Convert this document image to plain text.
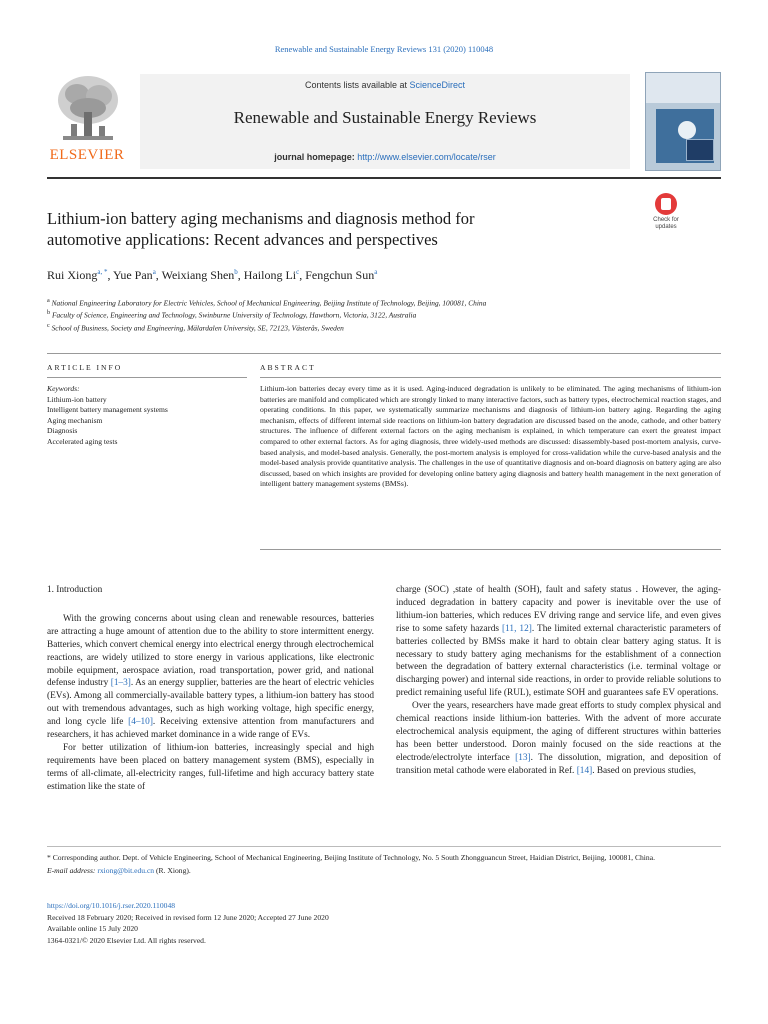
Renewable and Sustainable Energy Reviews 131 (2020) 110048
ELSEVIER
Contents lists available at ScienceDirect
Renewable and Sustainable Energy Reviews
journal homepage: http://www.elsevier.com/locate/rser
Lithium-ion battery aging mechanisms and diagnosis method for
automotive applications: Recent advances and perspectives
Check for updates
Rui Xiong$^{a, *}$, Yue Pan$^a$, Weixiang Shen$^b$, Hailong Li$^c$, Fengchun Sun$^a$
$^a$ National Engineering Laboratory for Electric Vehicles, School of Mechanical Engineering, Beijing Institute of Technology, Beijing, 100081, China
$^b$ Faculty of Science, Engineering and Technology, Swinburne University of Technology, Hawthorn, Victoria, 3122, Australia
$^c$ School of Business, Society and Engineering, Mälardalen University, SE, 72123, Västerås, Sweden
ARTICLE INFO	ABSTRACT
Keywords:
Lithium-ion battery
Intelligent battery management systems
Aging mechanism
Diagnosis
Accelerated aging tests
Lithium-ion batteries decay every time as it is used. Aging-induced degradation is unlikely to be eliminated. The aging mechanisms of lithium-ion batteries are manifold and complicated which are strongly linked to many interactive factors, such as battery types, electrochemical reaction stages, and operating conditions. In this paper, we systematically summarize mechanisms and diagnosis of lithium-ion battery aging. Regarding the aging mechanism, effects of different internal side reactions on lithium-ion battery degradation are discussed based on the anode, cathode, and other battery structures. The influence of different external factors on the aging mechanism is explained, in which temperature can exert the greatest impact compared to other external factors. As for aging diagnosis, three widely-used methods are discussed: disassembly-based post-mortem analysis, curve-based analysis, and model-based analysis. Generally, the post-mortem analysis is employed for cross-validation while the curve-based analysis and the model-based analysis provide quantitative analysis. The challenges in the use of quantitative diagnosis and on-board diagnosis on battery aging are also discussed, based on which insights are provided for developing online battery aging diagnosis and battery health management in the next generation of intelligent battery management systems (BMSs).
1. Introduction

With the growing concerns about using clean and renewable resources, batteries are attracting a huge amount of attention due to the ability to store intermittent energy. Batteries, which convert chemical energy into electrical energy through electrochemical reactions, are widely utilized to store energy in various applications, like electronic mobile equipment, aerospace aviation, road transportation, power grid, and national defense industry [1–3]. As an energy supplier, batteries are the heart of electric vehicles (EVs). Among all commercially-available battery types, a lithium-ion battery has stood out with tremendous advantages, such as high working voltage, high specific energy, and long cycle life [4–10]. Receiving extensive attention from manufacturers and researchers, it has achieved market dominance in a wide range of EVs.

For better utilization of lithium-ion batteries, increasingly special and high requirements have been placed on battery management system (BMS), especially in terms of all-climate, all-electricity ranges, full-lifetime and high accuracy battery state estimation like the state of

charge (SOC) ,state of health (SOH), fault and safety status . However, the aging-induced degradation in battery capacity and power is inevitable over the use of lithium-ion batteries, which reduces EV driving range and service life, and even gives rise to some safety hazards [11, 12]. The limited external characteristic parameters of batteries collected by BMSs make it hard to obtain clear battery aging status. It is necessary to study battery aging mechanisms for the establishment of a connection between the degradation of battery external characteristics (i.e. terminal voltage or discharging power) and internal side reactions, in order to provide reliable solutions to predict remaining useful life (RUL), estimate SOH and guarantees safe EV operations.

Over the years, researchers have made great efforts to study complex physical and chemical reactions inside lithium-ion batteries. With the advent of more accurate electrochemical analysis equipment, the aging of different structures within batteries has been better understood. Doron mainly focused on the side reactions at the electrode/electrolyte interface [13]. The dissolution, migration, and deposition of transition metal cathode were elaborated in Ref. [14]. Based on previous studies,

* Corresponding author. Dept. of Vehicle Engineering, School of Mechanical Engineering, Beijing Institute of Technology, No. 5 South Zhongguancun Street, Haidian District, Beijing, 100081, China.
E-mail address: rxiong@bit.edu.cn (R. Xiong).
https://doi.org/10.1016/j.rser.2020.110048
Received 18 February 2020; Received in revised form 12 June 2020; Accepted 27 June 2020
Available online 15 July 2020
1364-0321/© 2020 Elsevier Ltd. All rights reserved.
